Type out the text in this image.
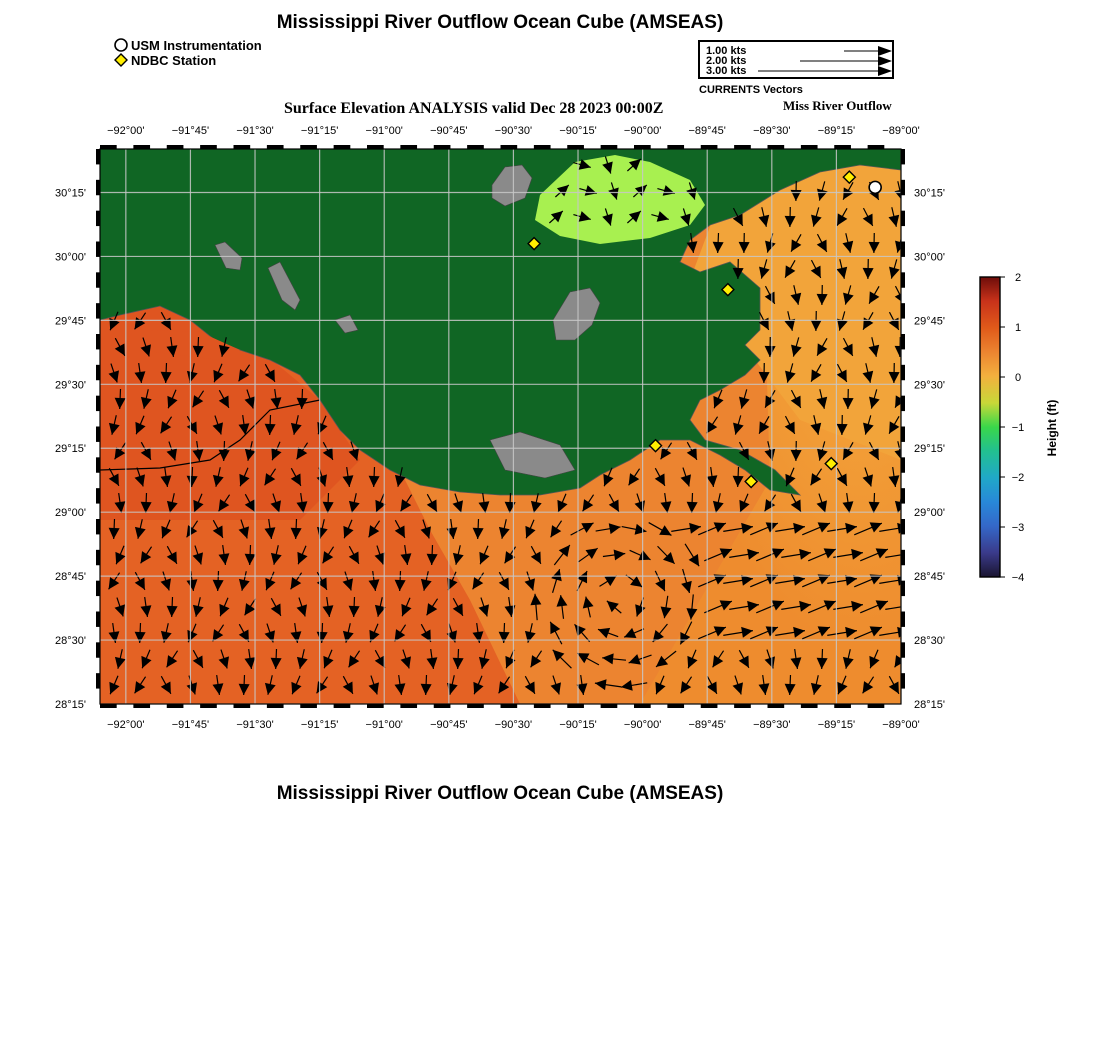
Mississippi River Outflow Ocean Cube (AMSEAS)
USM Instrumentation
NDBC Station
1.00 kts
2.00 kts
3.00 kts
CURRENTS Vectors
Surface Elevation ANALYSIS valid Dec 28 2023 00:00Z	Miss River Outflow
−92°00'
−92°00'
−91°45'
−91°45'
−91°30'
−91°30'
−91°15'
−91°15'
−91°00'
−91°00'
−90°45'
−90°45'
−90°30'
−90°30'
−90°15'
−90°15'
−90°00'
−90°00'
−89°45'
−89°45'
−89°30'
−89°30'
−89°15'
−89°15'
−89°00'
−89°00'
30°15'	30°15'
30°00'	30°00'
29°45'	29°45'
29°30'	29°30'
29°15'	29°15'
29°00'	29°00'
28°45'	28°45'
28°30'	28°30'
28°15'	28°15'
2
1
0
−1
−2
−3
−4
Height (ft)
Mississippi River Outflow Ocean Cube (AMSEAS)
